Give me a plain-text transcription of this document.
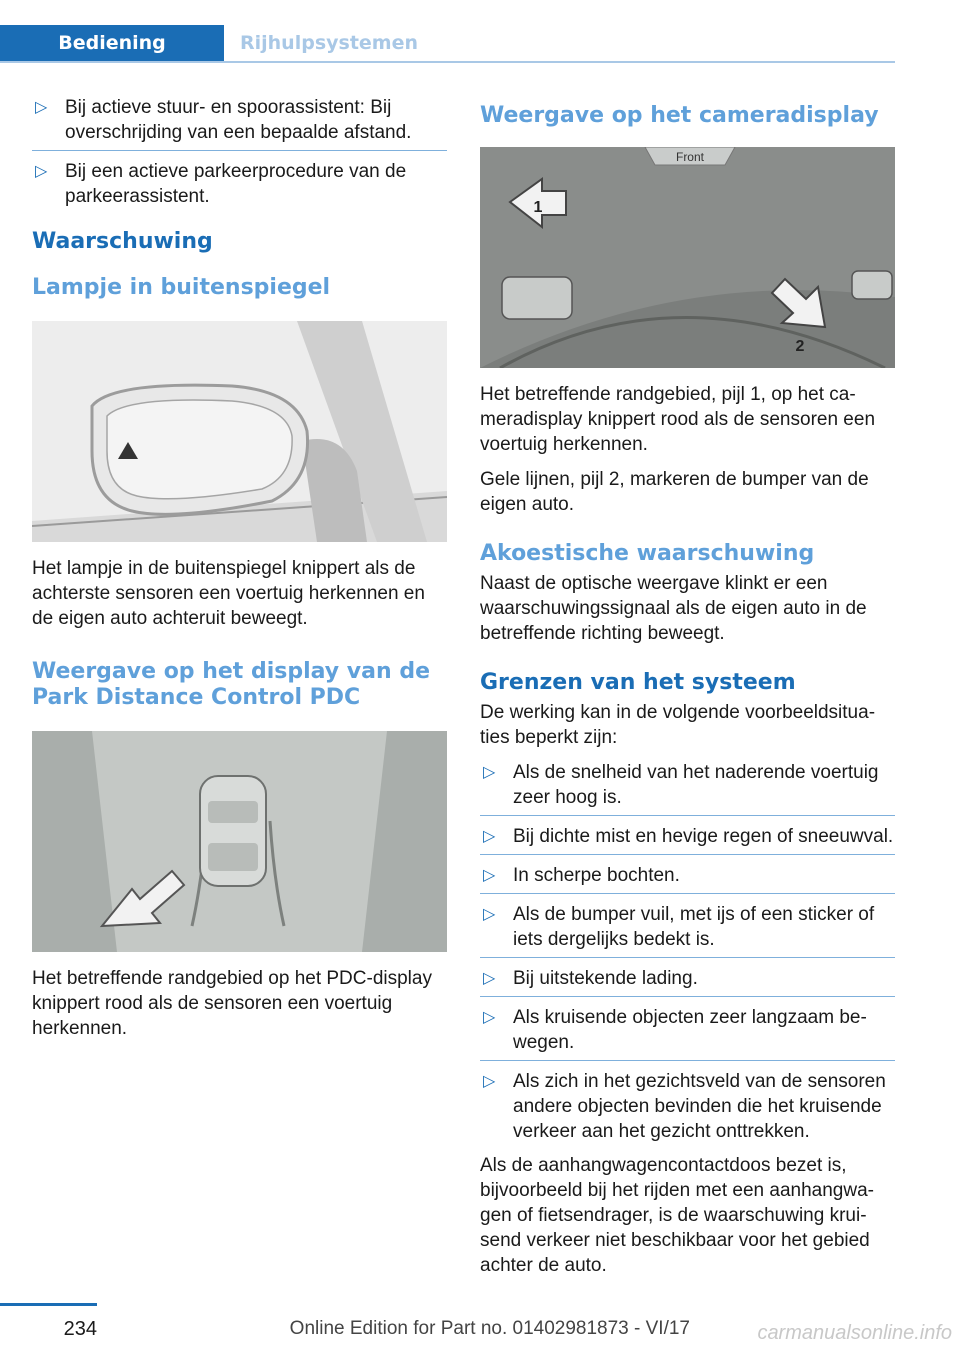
Bediening	Rijhulpsystemen
▷ Bij actieve stuur- en spoorassistent: Bij overschrijding van een bepaalde afstand.
▷ Bij een actieve parkeerprocedure van de parkeerassistent.
Waarschuwing
Lampje in buitenspiegel

Het lampje in de buitenspiegel knippert als de achterste sensoren een voertuig herkennen en de eigen auto achteruit beweegt.

Weergave op het display van de Park Distance Control PDC

Het betreffende randgebied op het PDC-display knippert rood als de sensoren een voertuig herkennen.

Weergave op het cameradisplay
Front
1
2

Het betreffende randgebied, pijl 1, op het cameradisplay knippert rood als de sensoren een voertuig herkennen.

Gele lijnen, pijl 2, markeren de bumper van de eigen auto.

Akoestische waarschuwing

Naast de optische weergave klinkt er een waarschuwingssignaal als de eigen auto in de betreffende richting beweegt.

Grenzen van het systeem

De werking kan in de volgende voorbeeldsituaties beperkt zijn:

▷ Als de snelheid van het naderende voertuig zeer hoog is.
▷ Bij dichte mist en hevige regen of sneeuwval.
▷ In scherpe bochten.
▷ Als de bumper vuil, met ijs of een sticker of iets dergelijks bedekt is.
▷ Bij uitstekende lading.
▷ Als kruisende objecten zeer langzaam bewegen.
▷ Als zich in het gezichtsveld van de sensoren andere objecten bevinden die het kruisende verkeer aan het gezicht onttrekken.

Als de aanhangwagencontactdoos bezet is, bijvoorbeeld bij het rijden met een aanhangwagen of fietsendrager, is de waarschuwing kruisend verkeer niet beschikbaar voor het gebied achter de auto.

234	Online Edition for Part no. 01402981873 - VI/17	carmanualsonline.info
